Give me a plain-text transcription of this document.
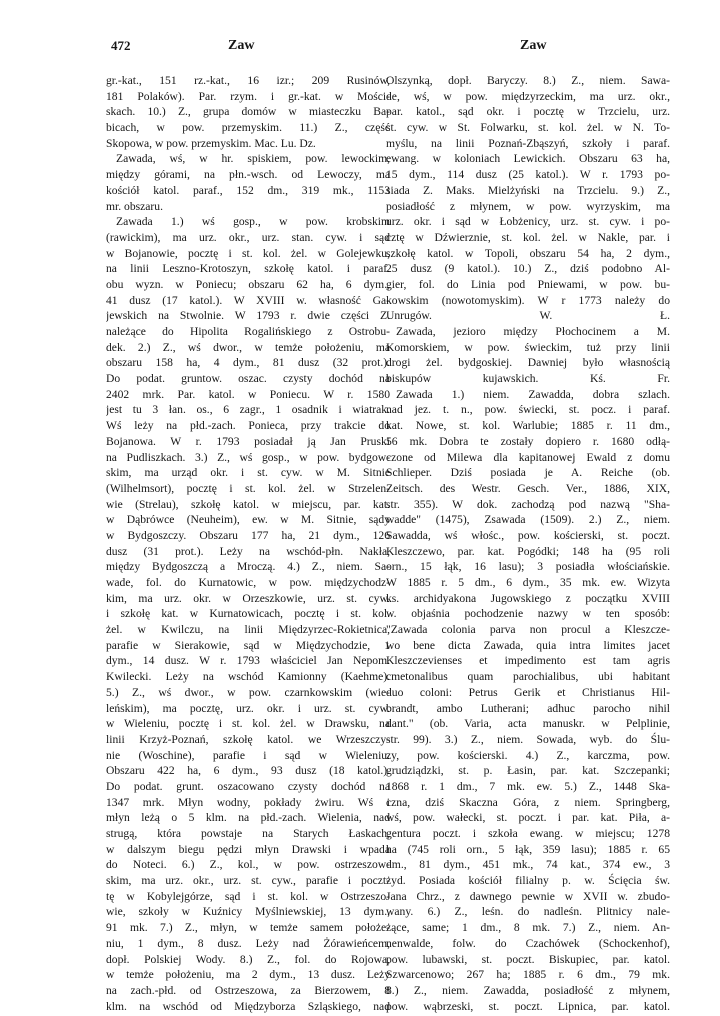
472	Zaw	Zaw
gr.-kat., 151 rz.-kat., 16 izr.; 209 Rusinów,
181 Polaków). Par. rzym. i gr.-kat. w Mości-
skach. 10.) Z., grupa domów w miasteczku Ba-
bicach, w pow. przemyskim. 11.) Z., część
Skopowa, w pow. przemyskim. Mac. Lu. Dz.
Zawada, wś, w hr. spiskiem, pow. lewockim,
między górami, na płn.-wsch. od Lewoczy, ma
kościół katol. paraf., 152 dm., 319 mk., 1153
mr. obszaru.
Zawada 1.) wś gosp., w pow. krobskim
(rawickim), ma urz. okr., urz. stan. cyw. i sąd
w Bojanowie, pocztę i st. kol. żel. w Golejewku,
na linii Leszno-Krotoszyn, szkołę katol. i paraf.
obu wyzn. w Poniecu; obszaru 62 ha, 6 dym.,
41 dusz (17 katol.). W XVIII w. własność Ga-
jewskich na Stwolnie. W 1793 r. dwie części Z.
należące do Hipolita Rogalińskiego z Ostrobu-
dek. 2.) Z., wś dwor., w temże położeniu, ma
obszaru 158 ha, 4 dym., 81 dusz (32 prot.).
Do podat. gruntow. oszac. czysty dochód na
2402 mrk. Par. katol. w Poniecu. W r. 1580
jest tu 3 łan. os., 6 zagr., 1 osadnik i wiatrak.
Wś leży na płd.-zach. Ponieca, przy trakcie do
Bojanowa. W r. 1793 posiadał ją Jan Pruski
na Pudliszkach. 3.) Z., wś gosp., w pow. bydgow-
skim, ma urząd okr. i st. cyw. w M. Sitnie
(Wilhelmsort), pocztę i st. kol. żel. w Strzelen-
wie (Strelau), szkołę katol. w miejscu, par. kat.
w Dąbrówce (Neuheim), ew. w M. Sitnie, sądy
w Bydgoszczy. Obszaru 177 ha, 21 dym., 126
dusz (31 prot.). Leży na wschód-płn. Nakła,
między Bydgoszczą a Mroczą. 4.) Z., niem. Sa-
wade, fol. do Kurnatowic, w pow. międzychodz-
kim, ma urz. okr. w Orzeszkowie, urz. st. cyw.
i szkołę kat. w Kurnatowicach, pocztę i st. kol.
żel. w Kwilczu, na linii Międzyrzec-Rokietnica,
parafie w Sierakowie, sąd w Międzychodzie, 1
dym., 14 dusz. W r. 1793 właściciel Jan Nepom.
Kwilecki. Leży na wschód Kamionny (Kaehme).
5.) Z., wś dwor., w pow. czarnkowskim (wie-
leńskim), ma pocztę, urz. okr. i urz. st. cyw.
w Wieleniu, pocztę i st. kol. żel. w Drawsku, na
linii Krzyż-Poznań, szkołę katol. we Wrzeszczy-
nie (Woschine), parafie i sąd w Wieleniu.
Obszaru 422 ha, 6 dym., 93 dusz (18 katol.).
Do podat. grunt. oszacowano czysty dochód na
1347 mrk. Młyn wodny, pokłady żwiru. Wś i
młyn leżą o 5 klm. na płd.-zach. Wielenia, nad
strugą, która powstaje na Starych Łaskach,
w dalszym biegu pędzi młyn Drawski i wpada
do Noteci. 6.) Z., kol., w pow. ostrzeszow-
skim, ma urz. okr., urz. st. cyw., parafie i poczt-
tę w Kobylejgórze, sąd i st. kol. w Ostrzeszo-
wie, szkoły w Kuźnicy Myślniewskiej, 13 dym.,
91 mk. 7.) Z., młyn, w temże samem położe-
niu, 1 dym., 8 dusz. Leży nad Żórawieńcem,
dopł. Polskiej Wody. 8.) Z., fol. do Rojowa,
w temże położeniu, ma 2 dym., 13 dusz. Leży
na zach.-płd. od Ostrzeszowa, za Bierzowem, 8
klm. na wschód od Międzyborza Szląskiego, nad
Olszynką, dopł. Baryczy. 8.) Z., niem. Sawa-
de, wś, w pow. międzyrzeckim, ma urz. okr.,
par. katol., sąd okr. i pocztę w Trzcielu, urz.
st. cyw. w St. Folwarku, st. kol. żel. w N. To-
myślu, na linii Poznań-Zbąszyń, szkoły i paraf.
ewang. w koloniach Lewickich. Obszaru 63 ha,
15 dym., 114 dusz (25 katol.). W r. 1793 po-
siada Z. Maks. Mielżyński na Trzcielu. 9.) Z.,
posiadłość z młynem, w pow. wyrzyskim, ma
urz. okr. i sąd w Łobżenicy, urz. st. cyw. i po-
cztę w Dźwierznie, st. kol. żel. w Nakle, par. i
szkołę katol. w Topoli, obszaru 54 ha, 2 dym.,
25 dusz (9 katol.). 10.) Z., dziś podobno Al-
gier, fol. do Linia pod Pniewami, w pow. bu-
kowskim (nowotomyskim). W r 1773 należy do
Unrugów. W. Ł.
Zawada, jezioro między Płochocinem a M.
Komorskiem, w pow. świeckim, tuż przy linii
drogi żel. bydgoskiej. Dawniej było własnością
biskupów kujawskich. Kś. Fr.
Zawada 1.) niem. Zawadda, dobra szlach.
nad jez. t. n., pow. świecki, st. pocz. i paraf.
kat. Nowe, st. kol. Warlubie; 1885 r. 11 dm.,
56 mk. Dobra te zostały dopiero r. 1680 odłą-
czone od Milewa dla kapitanowej Ewald z domu
Schlieper. Dziś posiada je A. Reiche (ob.
Zeitsch. des Westr. Gesch. Ver., 1886, XIX,
str. 355). W dok. zachodzą pod nazwą "Sha-
wadde" (1475), Zsawada (1509). 2.) Z., niem.
Sawadda, wś włośc., pow. kościerski, st. poczt.
Kleszczewo, par. kat. Pogódki; 148 ha (95 roli
orn., 15 łąk, 16 lasu); 3 posiadła włościańskie.
W 1885 r. 5 dm., 6 dym., 35 mk. ew. Wizyta
ks. archidyakona Jugowskiego z początku XVIII
w. objaśnia pochodzenie nazwy w ten sposób:
"Zawada colonia parva non procul a Kleszcze-
wo bene dicta Zawada, quia intra limites jacet
Kleszczevienses et impedimento est tam agris
cmetonalibus quam parochialibus, ubi habitant
duo coloni: Petrus Gerik et Christianus Hil-
brandt, ambo Lutherani; adhuc parocho nihil
dant." (ob. Varia, acta manuskr. w Pelplinie,
str. 99). 3.) Z., niem. Sowada, wyb. do Ślu-
zy, pow. kościerski. 4.) Z., karczma, pow.
grudziądzki, st. p. Łasin, par. kat. Szczepanki;
1868 r. 1 dm., 7 mk. ew. 5.) Z., 1448 Ska-
czna, dziś Skaczna Góra, z niem. Springberg,
wś, pow. wałecki, st. poczt. i par. kat. Piła, a-
gentura poczt. i szkoła ewang. w miejscu; 1278
ha (745 roli orn., 5 łąk, 359 lasu); 1885 r. 65
dm., 81 dym., 451 mk., 74 kat., 374 ew., 3
żyd. Posiada kościół filialny p. w. Ścięcia św.
Jana Chrz., z dawnego pewnie w XVII w. zbudo-
wany. 6.) Z., leśn. do nadleśn. Plitnicy nale-
żące, same; 1 dm., 8 mk. 7.) Z., niem. An-
nenwalde, folw. do Czachówek (Schockenhof),
pow. lubawski, st. poczt. Biskupiec, par. katol.
Szwarcenowo; 267 ha; 1885 r. 6 dm., 79 mk.
8.) Z., niem. Zawadda, posiadłość z młynem,
pow. wąbrzeski, st. poczt. Lipnica, par. katol.
